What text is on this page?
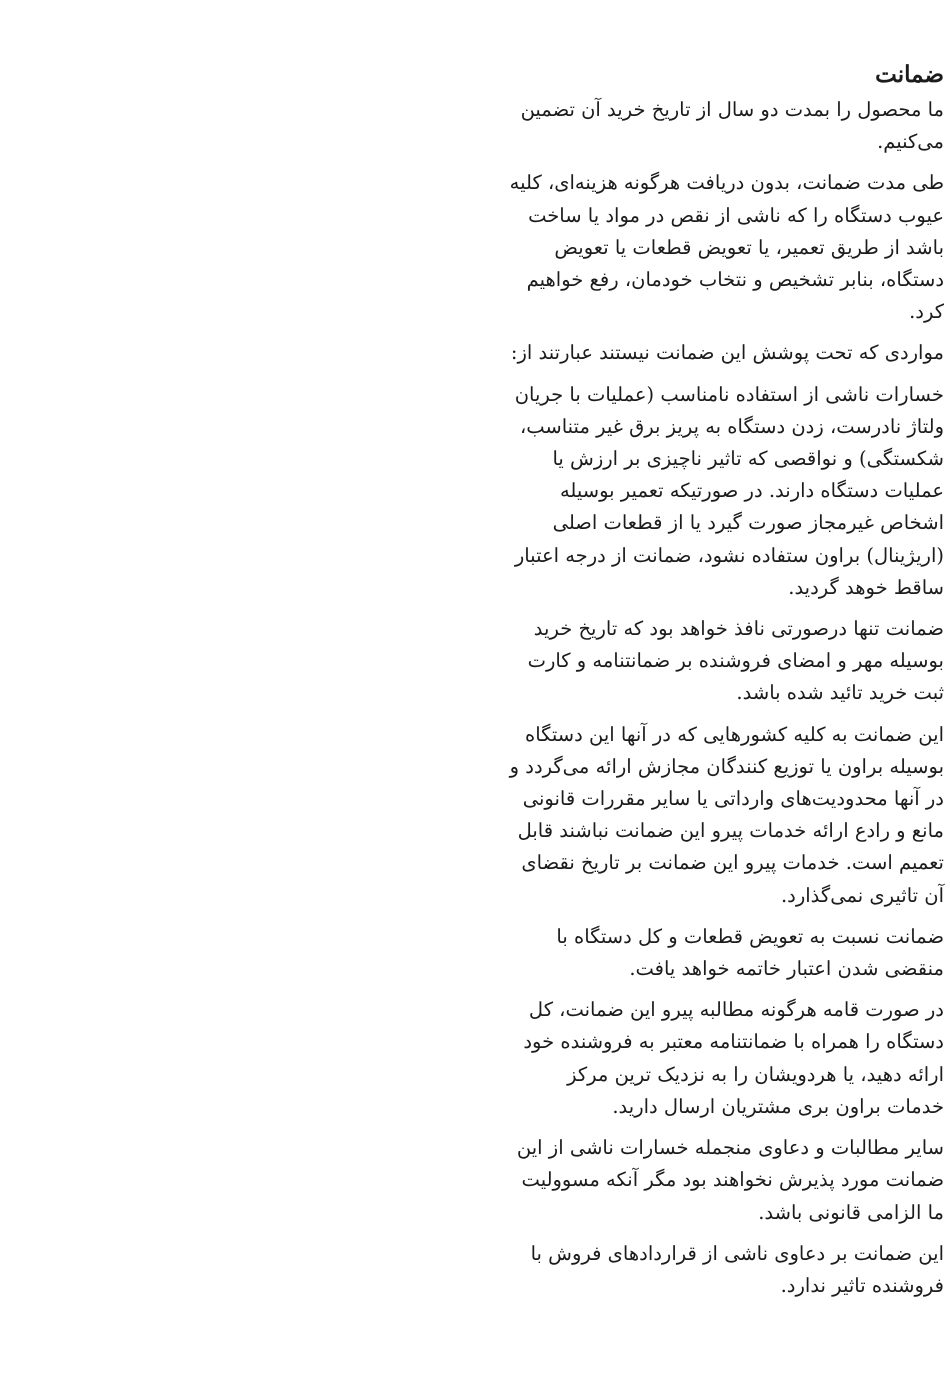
ضمانت

ما محصول را بمدت دو سال از تاریخ خرید آن تضمین می‌کنیم.

طی مدت ضمانت، بدون دریافت هرگونه هزینه‌ای، کلیه عیوب دستگاه را که ناشی از نقص در مواد یا ساخت باشد از طریق تعمیر، یا تعویض قطعات یا تعویض دستگاه، بنابر تشخیص و نتخاب خودمان، رفع خواهیم کرد.

مواردی که تحت پوشش این ضمانت نیستند عبارتند از:

خسارات ناشی از استفاده نامناسب (عملیات با جریان ولتاژ نادرست، زدن دستگاه به پریز برق غیر متناسب، شکستگی) و نواقصی که تاثیر ناچیزی بر ارزش یا عملیات دستگاه دارند. در صورتیکه تعمیر بوسیله اشخاص غیرمجاز صورت گیرد یا از قطعات اصلی (اریژینال) براون ستفاده نشود، ضمانت از درجه اعتبار ساقط خوهد گردید.

ضمانت تنها درصورتی نافذ خواهد بود که تاریخ خرید بوسیله مهر و امضای فروشنده بر ضمانتنامه و کارت ثبت خرید تائید شده باشد.

این ضمانت به کلیه کشورهایی که در آنها این دستگاه بوسیله براون یا توزیع کنندگان مجازش ارائه می‌گردد و در آنها محدودیت‌های وارداتی یا سایر مقررات قانونی مانع و رادع ارائه خدمات پیرو این ضمانت نباشند قابل تعمیم است. خدمات پیرو این ضمانت بر تاریخ نقضای آن تاثیری نمی‌گذارد.

ضمانت نسبت به تعویض قطعات و کل دستگاه با منقضی شدن اعتبار خاتمه خواهد یافت.

در صورت قامه هرگونه مطالبه پیرو این ضمانت، کل دستگاه را همراه با ضمانتنامه معتبر به فروشنده خود ارائه دهید، یا هردویشان را به نزدیک ترین مرکز خدمات براون بری مشتریان ارسال دارید.

سایر مطالبات و دعاوی منجمله خسارات ناشی از این ضمانت مورد پذیرش نخواهند بود مگر آنکه مسوولیت ما الزامی قانونی باشد.

این ضمانت بر دعاوی ناشی از قراردادهای فروش با فروشنده تاثیر ندارد.
